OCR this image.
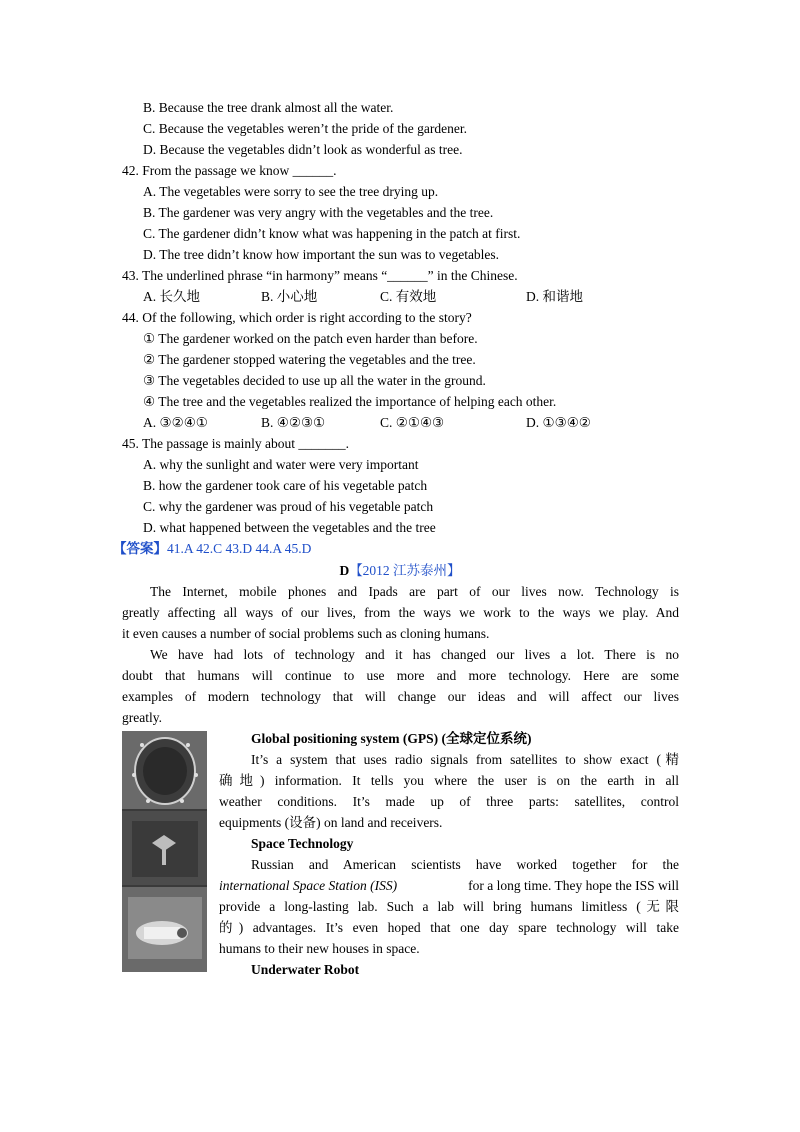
B. Because the tree drank almost all the water.
C. Because the vegetables weren’t the pride of the gardener.
D. Because the vegetables didn’t look as wonderful as tree.
42. From the passage we know ______.
A. The vegetables were sorry to see the tree drying up.
B. The gardener was very angry with the vegetables and the tree.
C. The gardener didn’t know what was happening in the patch at first.
D. The tree didn’t know how important the sun was to vegetables.
43. The underlined phrase “in harmony” means “______” in the Chinese.
A. 长久地	B. 小心地	C. 有效地	D. 和谐地
44. Of the following, which order is right according to the story?
① The gardener worked on the patch even harder than before.
② The gardener stopped watering the vegetables and the tree.
③ The vegetables decided to use up all the water in the ground.
④ The tree and the vegetables realized the importance of helping each other.
A. ③②④①	B. ④②③①	C. ②①④③	D. ①③④②
45. The passage is mainly about _______.
A. why the sunlight and water were very important
B. how the gardener took care of his vegetable patch
C. why the gardener was proud of his vegetable patch
D. what happened between the vegetables and the tree
【答案】41.A 42.C 43.D 44.A 45.D
D【2012 江苏泰州】
The Internet, mobile phones and Ipads are part of our lives now. Technology is
greatly affecting all ways of our lives, from the ways we work to the ways we play. And
it even causes a number of social problems such as cloning humans.
We have had lots of technology and it has changed our lives a lot. There is no
doubt that humans will continue to use more and more technology. Here are some
examples of modern technology that will change our ideas and will affect our lives
greatly.
Global positioning system (GPS) (全球定位系统)
It’s a system that uses radio signals from satellites to show exact (精
确地) information. It tells you where the user is on the earth in all
weather conditions. It’s made up of three parts: satellites, control
equipments (设备) on land and receivers.
Space Technology
Russian and American scientists have worked together for the
international Space Station (ISS)	for a long time. They hope the ISS will
provide a long-lasting lab. Such a lab will bring humans limitless (无限
的) advantages. It’s even hoped that one day spare technology will take
humans to their new houses in space.
Underwater Robot
